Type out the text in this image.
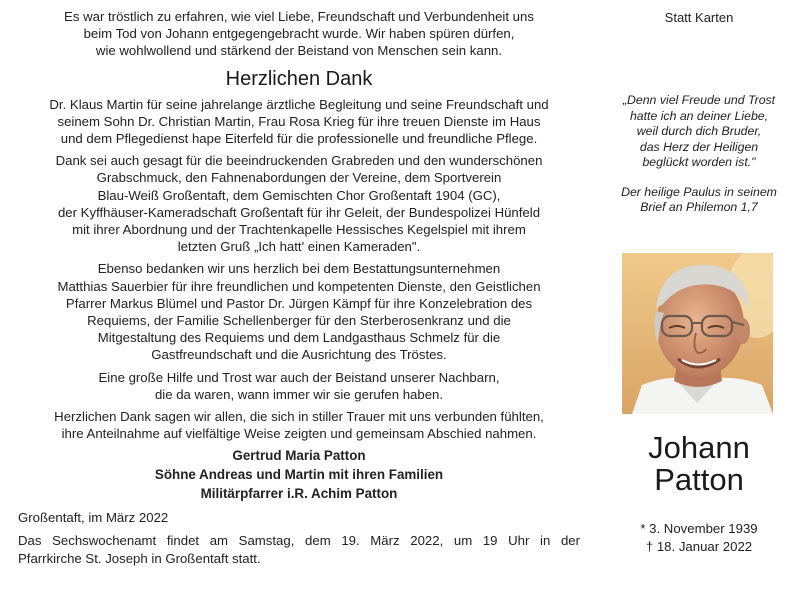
Es war tröstlich zu erfahren, wie viel Liebe, Freundschaft und Verbundenheit uns

beim Tod von Johann entgegengebracht wurde. Wir haben spüren dürfen,

wie wohlwollend und stärkend der Beistand von Menschen sein kann.

Herzlichen Dank

Dr. Klaus Martin für seine jahrelange ärztliche Begleitung und seine Freundschaft und

seinem Sohn Dr. Christian Martin, Frau Rosa Krieg für ihre treuen Dienste im Haus

und dem Pflegedienst hape Eiterfeld für die professionelle und freundliche Pflege.

Dank sei auch gesagt für die beeindruckenden Grabreden und den wunderschönen

Grabschmuck, den Fahnenabordungen der Vereine, dem Sportverein

Blau-Weiß Großentaft, dem Gemischten Chor Großentaft 1904 (GC),

der Kyffhäuser-Kameradschaft Großentaft für ihr Geleit, der Bundespolizei Hünfeld

mit ihrer Abordnung und der Trachtenkapelle Hessisches Kegelspiel mit ihrem

letzten Gruß „Ich hatt' einen Kameraden".

Ebenso bedanken wir uns herzlich bei dem Bestattungsunternehmen

Matthias Sauerbier für ihre freundlichen und kompetenten Dienste, den Geistlichen

Pfarrer Markus Blümel und Pastor Dr. Jürgen Kämpf für ihre Konzelebration des

Requiems, der Familie Schellenberger für den Sterberosenkranz und die

Mitgestaltung des Requiems und dem Landgasthaus Schmelz für die

Gastfreundschaft und die Ausrichtung des Tröstes.

Eine große Hilfe und Trost war auch der Beistand unserer Nachbarn,

die da waren, wann immer wir sie gerufen haben.

Herzlichen Dank sagen wir allen, die sich in stiller Trauer mit uns verbunden fühlten,

ihre Anteilnahme auf vielfältige Weise zeigten und gemeinsam Abschied nahmen.

Gertrud Maria Patton

Söhne Andreas und Martin mit ihren Familien

Militärpfarrer i.R. Achim Patton

Großentaft, im März 2022

Das Sechswochenamt findet am Samstag, dem 19. März 2022, um 19 Uhr in der

Pfarrkirche St. Joseph in Großentaft statt.

Statt Karten

„Denn viel Freude und Trost

hatte ich an deiner Liebe,

weil durch dich Bruder,

das Herz der Heiligen

beglückt worden ist."

Der heilige Paulus in seinem

Brief an Philemon 1,7

Johann
Patton
* 3. November 1939
† 18. Januar 2022
